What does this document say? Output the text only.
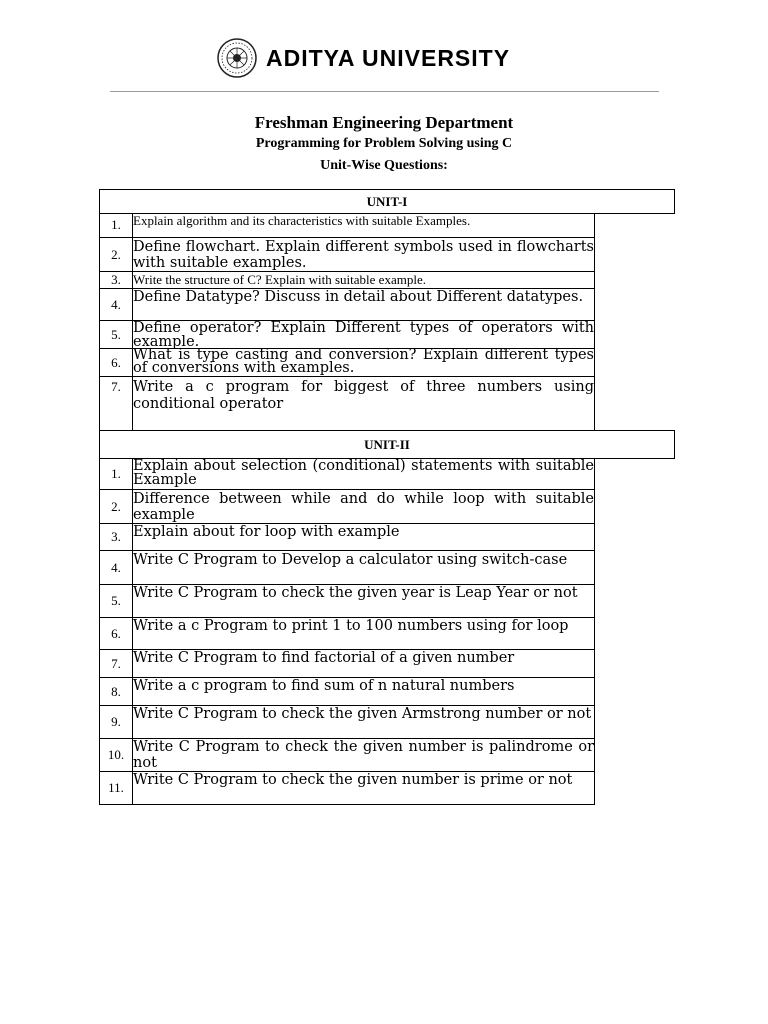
ADITYA UNIVERSITY
Freshman Engineering Department
Programming for Problem Solving using C
Unit-Wise Questions:
UNIT-I
1. Explain algorithm and its characteristics with suitable Examples.
2. Define flowchart. Explain different symbols used in flowcharts with suitable examples.
3. Write the structure of C? Explain with suitable example.
4. Define Datatype? Discuss in detail about Different datatypes.
5. Define operator? Explain Different types of operators with example.
6. What is type casting and conversion? Explain different types of conversions with examples.
7. Write a c program for biggest of three numbers using conditional operator
UNIT-II
1. Explain about selection (conditional) statements with suitable Example
2. Difference between while and do while loop with suitable example
3. Explain about for loop with example
4. Write C Program to Develop a calculator using switch-case
5. Write C Program to check the given year is Leap Year or not
6. Write a c Program to print 1 to 100 numbers using for loop
7. Write C Program to find factorial of a given number
8. Write a c program to find sum of n natural numbers
9. Write C Program to check the given Armstrong number or not
10. Write C Program to check the given number is palindrome or not
11. Write C Program to check the given number is prime or not
